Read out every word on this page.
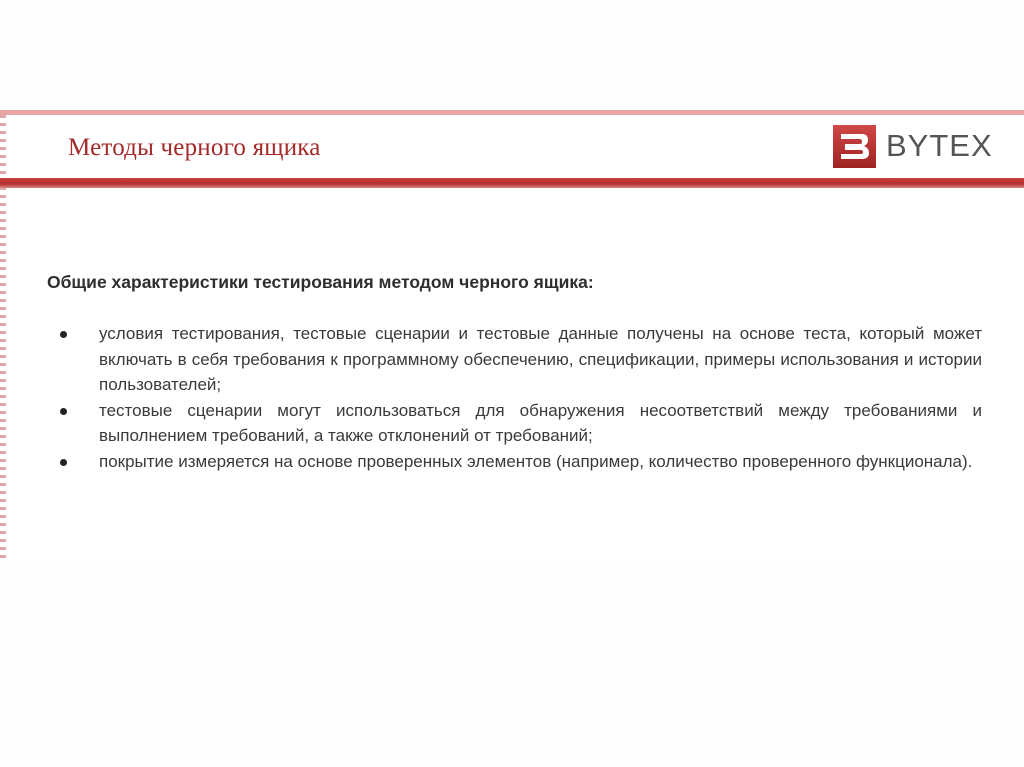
Методы черного ящика	BYTEX
Общие характеристики тестирования методом черного ящика:
условия тестирования, тестовые сценарии и тестовые данные получены на основе теста, который может включать в себя требования к программному обеспечению, спецификации, примеры использования и истории пользователей;
тестовые сценарии могут использоваться для обнаружения несоответствий между требованиями и выполнением требований, а также отклонений от требований;
покрытие измеряется на основе проверенных элементов (например, количество проверенного функционала).
